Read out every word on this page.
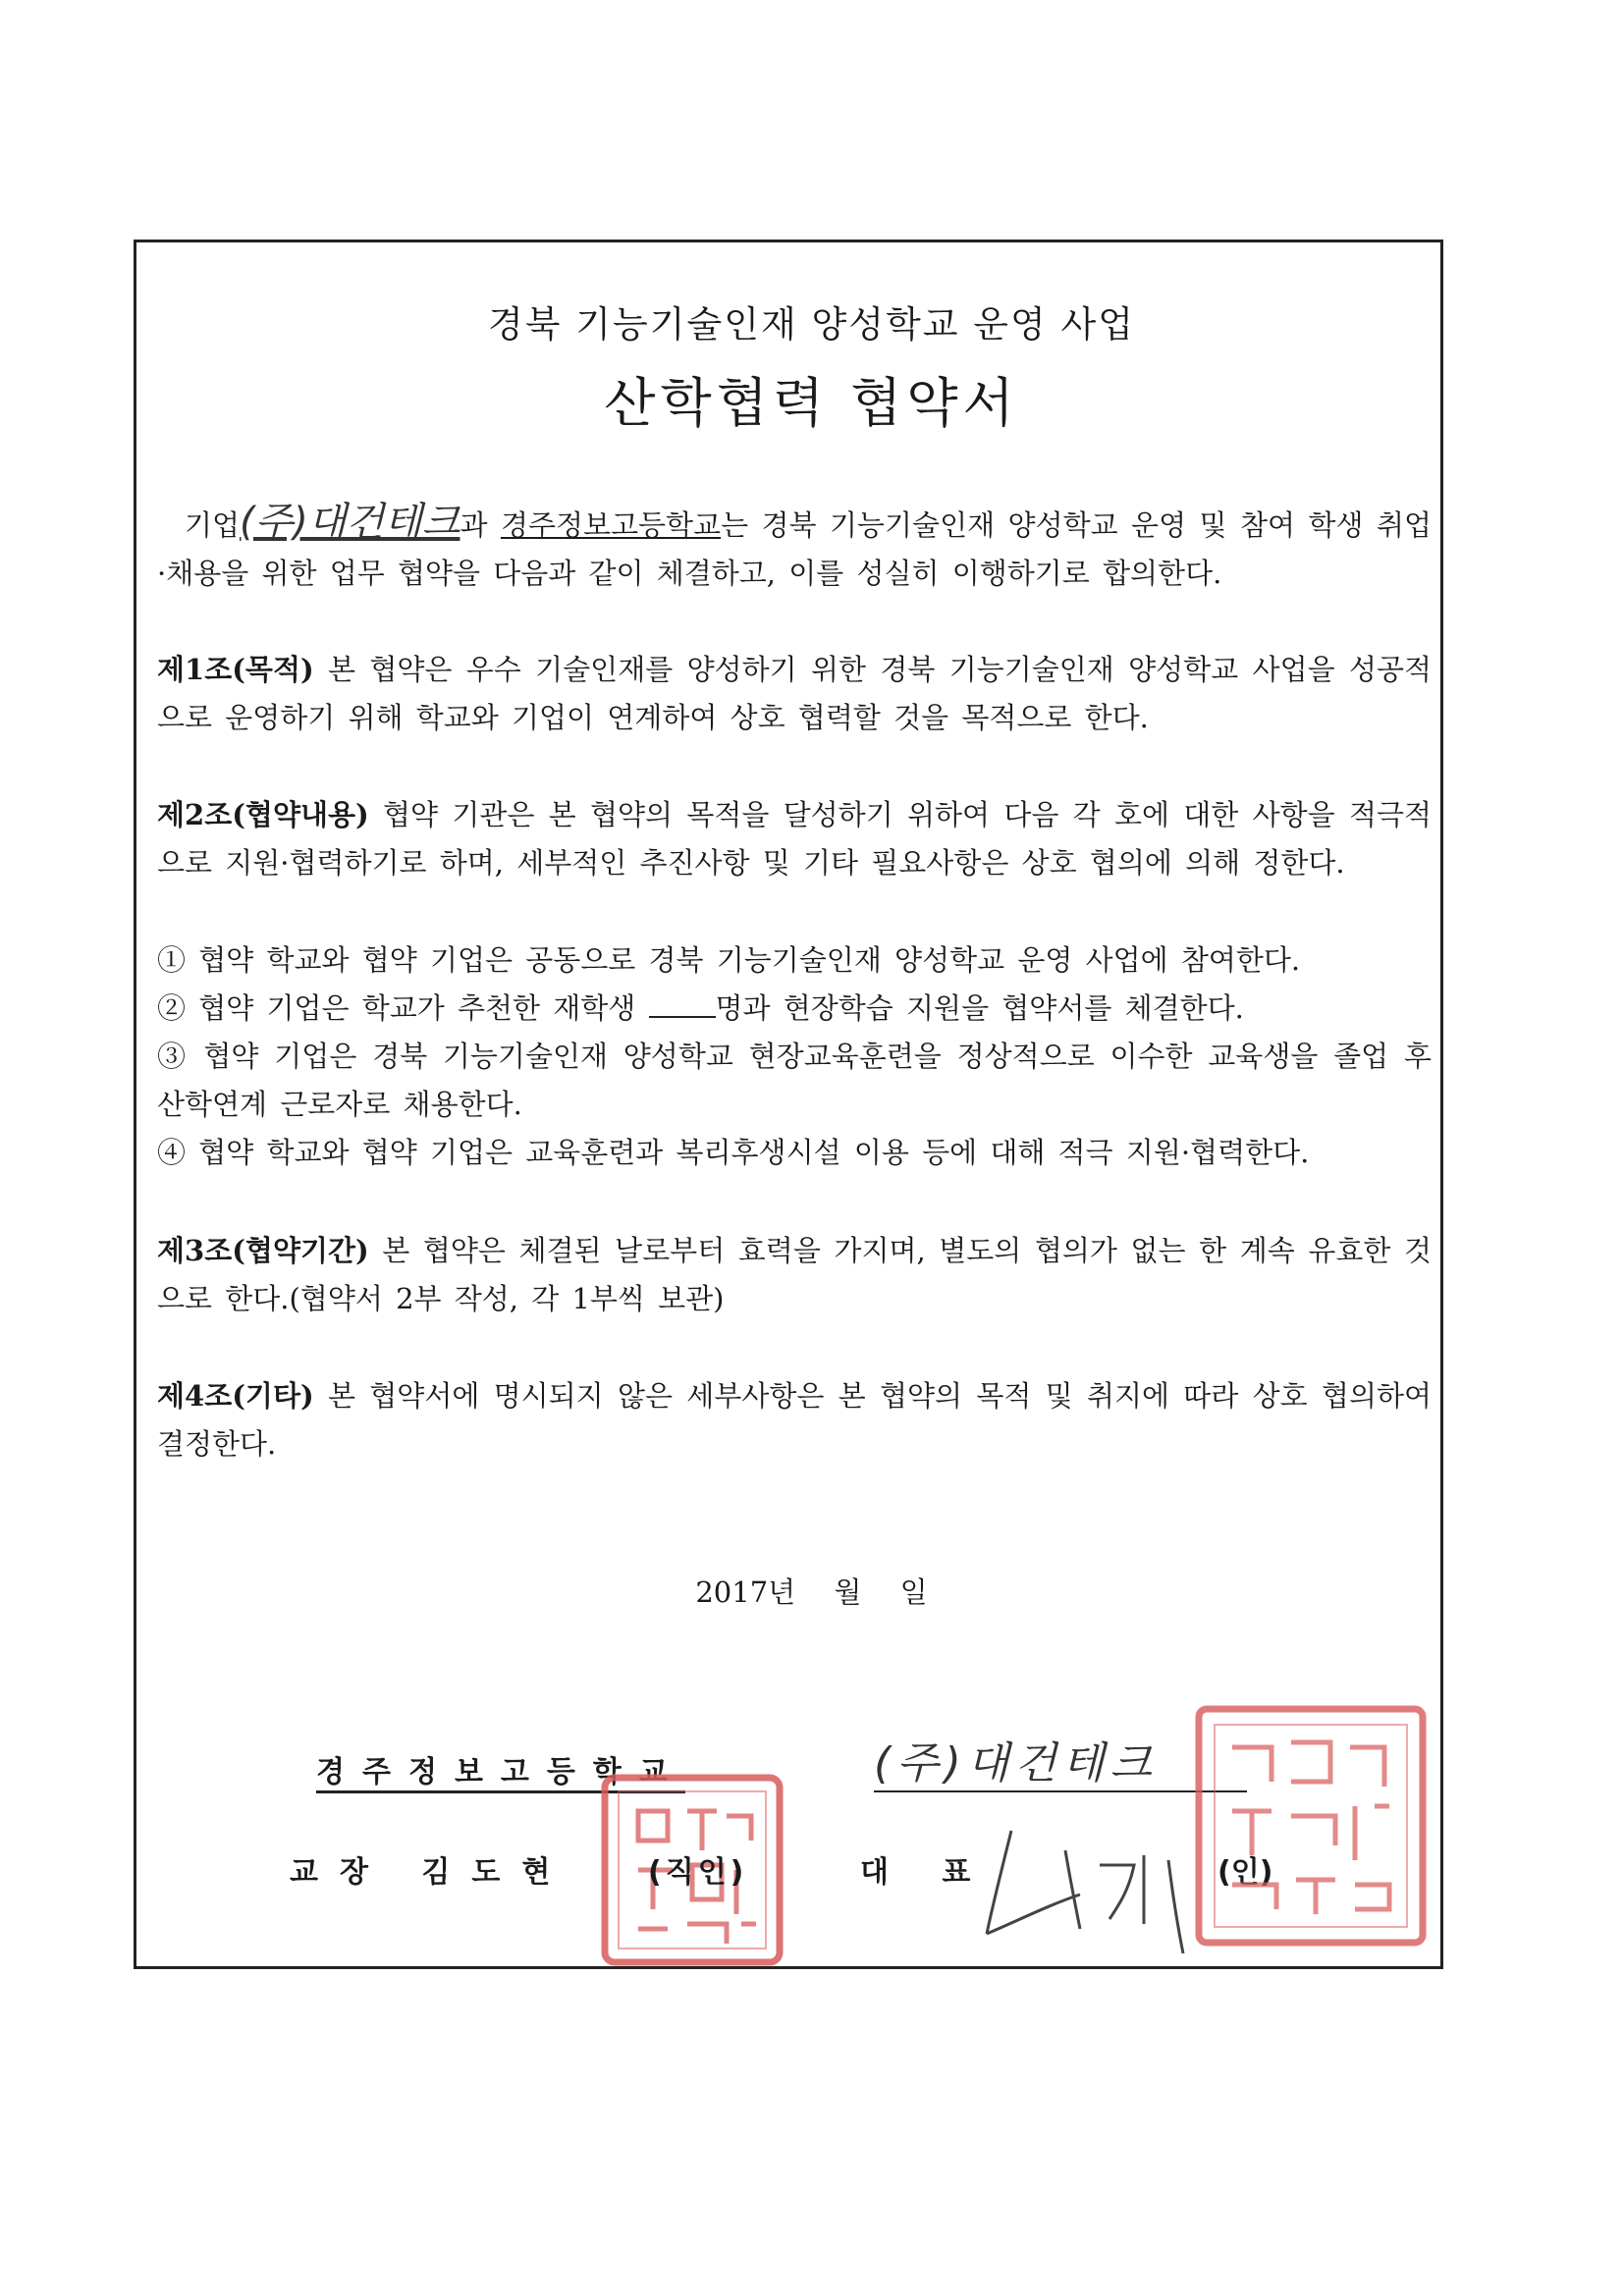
경북 기능기술인재 양성학교 운영 사업
산학협력 협약서
기업(주)대건테크과 경주정보고등학교는 경북 기능기술인재 양성학교 운영 및 참여 학생 취업·채용을 위한 업무 협약을 다음과 같이 체결하고, 이를 성실히 이행하기로 합의한다.
제1조(목적) 본 협약은 우수 기술인재를 양성하기 위한 경북 기능기술인재 양성학교 사업을 성공적으로 운영하기 위해 학교와 기업이 연계하여 상호 협력할 것을 목적으로 한다.
제2조(협약내용) 협약 기관은 본 협약의 목적을 달성하기 위하여 다음 각 호에 대한 사항을 적극적으로 지원·협력하기로 하며, 세부적인 추진사항 및 기타 필요사항은 상호 협의에 의해 정한다.
① 협약 학교와 협약 기업은 공동으로 경북 기능기술인재 양성학교 운영 사업에 참여한다.
② 협약 기업은 학교가 추천한 재학생 명과 현장학습 지원을 협약서를 체결한다.
③ 협약 기업은 경북 기능기술인재 양성학교 현장교육훈련을 정상적으로 이수한 교육생을 졸업 후 산학연계 근로자로 채용한다.
④ 협약 학교와 협약 기업은 교육훈련과 복리후생시설 이용 등에 대해 적극 지원·협력한다.
제3조(협약기간) 본 협약은 체결된 날로부터 효력을 가지며, 별도의 협의가 없는 한 계속 유효한 것으로 한다.(협약서 2부 작성, 각 1부씩 보관)
제4조(기타) 본 협약서에 명시되지 않은 세부사항은 본 협약의 목적 및 취지에 따라 상호 협의하여 결정한다.
2017년 월 일
경주정보고등학교
교장 김도현	(직인)
(주)대건테크
대 표	(인)
